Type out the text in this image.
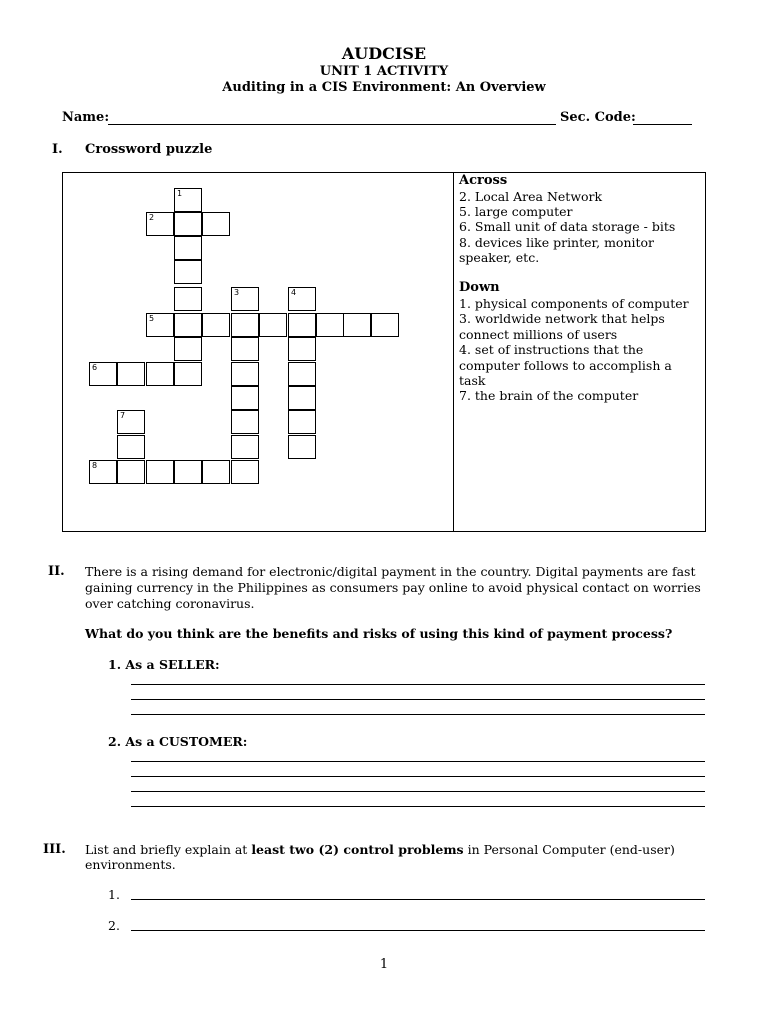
AUDCISE
UNIT 1 ACTIVITY
Auditing in a CIS Environment: An Overview
Name:	Sec. Code:
I. Crossword puzzle
1
2
3	4
5
6
7
8
Across
2. Local Area Network
5. large computer
6. Small unit of data storage - bits
8. devices like printer, monitor
speaker, etc.
Down
1. physical components of computer
3. worldwide network that helps
connect millions of users
4. set of instructions that the
computer follows to accomplish a
task
7. the brain of the computer
II. There is a rising demand for electronic/digital payment in the country. Digital payments are fast
gaining currency in the Philippines as consumers pay online to avoid physical contact on worries
over catching coronavirus.
What do you think are the benefits and risks of using this kind of payment process?
1. As a SELLER:
2. As a CUSTOMER:
III. List and briefly explain at least two (2) control problems in Personal Computer (end-user)
environments.
1.
2.
1
